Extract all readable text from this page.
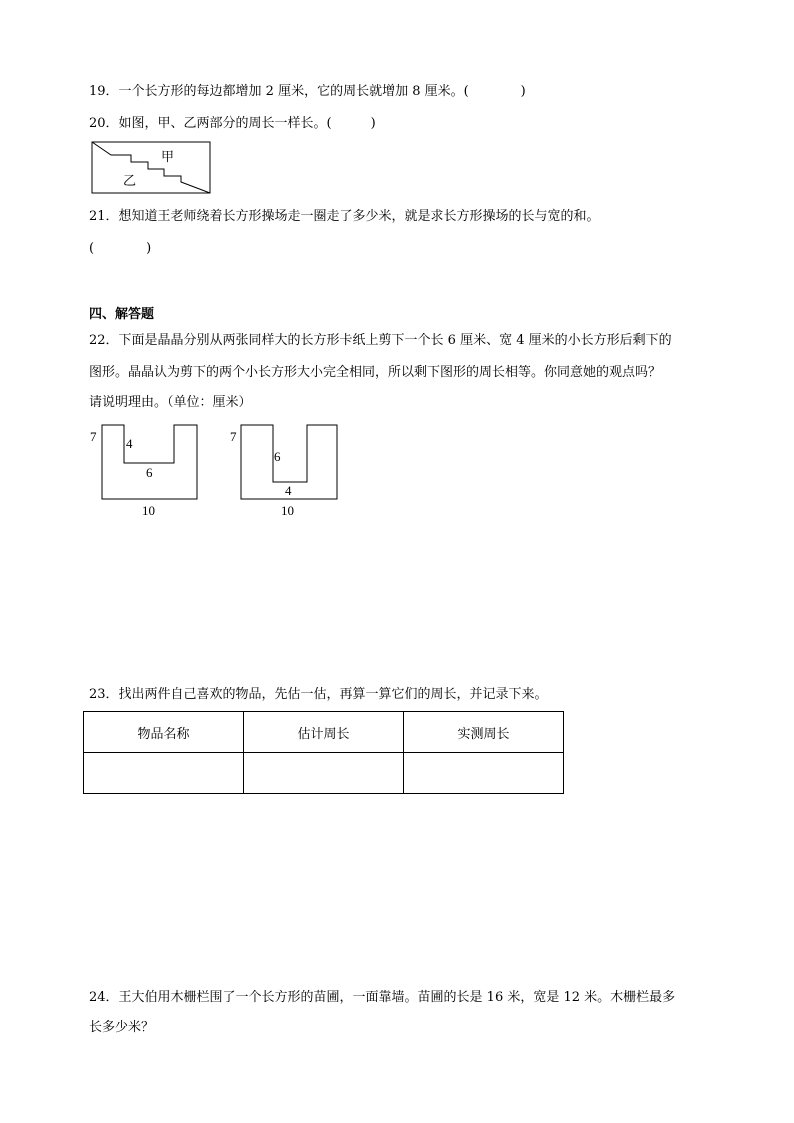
19．一个长方形的每边都增加 2 厘米，它的周长就增加 8 厘米。(　　　　)
20．如图，甲、乙两部分的周长一样长。(　　　)
甲
乙
21．想知道王老师绕着长方形操场走一圈走了多少米，就是求长方形操场的长与宽的和。
(　　　　)
四、解答题
22．下面是晶晶分别从两张同样大的长方形卡纸上剪下一个长 6 厘米、宽 4 厘米的小长方形后剩下的
图形。晶晶认为剪下的两个小长方形大小完全相同，所以剩下图形的周长相等。你同意她的观点吗？
请说明理由。（单位：厘米）
7 4
6
10
7
6
4
10
23．找出两件自己喜欢的物品，先估一估，再算一算它们的周长，并记录下来。
物品名称	估计周长	实测周长

24．王大伯用木栅栏围了一个长方形的苗圃，一面靠墙。苗圃的长是 16 米，宽是 12 米。木栅栏最多
长多少米？
